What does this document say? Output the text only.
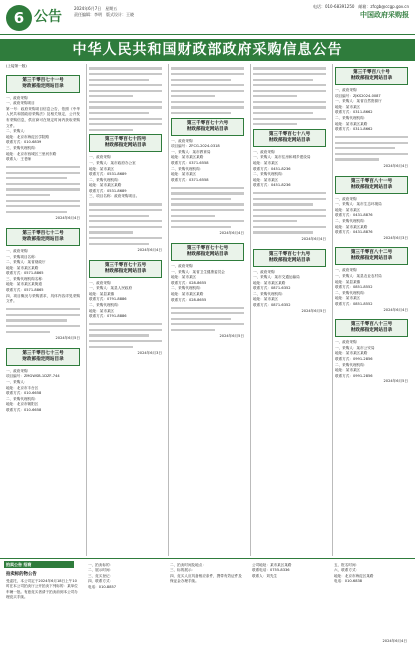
6 公告
2024年6月7日　星期五
责任编辑：李明　版式设计：王晓
电话：010-68391250　邮箱：zfcgb@ccgp.gov.cn
中国政府采购报
中华人民共和国财政部政府采购信息公告
(上接第一版)
第三千零百七十一号
财政部指定网站目录
一、政府采购
一、政府采购项目
第一号：政府采购项目信息公告，依照《中华人民共和国政府采购法》及相关规定，公开发布采购信息，供应商可在规定时间内获取采购文件。
二、采购人：
地址：北京市海淀区学院路
联系方式：010-6839
三、采购代理机构：
地址：北京市西城区三里河东路
联系人：王老师
2024年6月4日
第三千零百七十二号
财政部指定网站目录
一、政府采购
一、采购项目名称：
二、采购人：某省财政厅
地址：某市某区某路
联系方式：0571-8865
三、采购代理机构名称：
地址：某市某区某街道
联系方式：0571-8865
四、项目概况与采购需求，具体内容详见采购文件。
2024年6月5日
第三千零百七十三号
财政部指定网站目录
一、政府采购
项目编号：ZMGWSB-1DZF-744
一、采购人：
地址：北京市丰台区
联系方式：010-6658
二、采购代理机构：
地址：北京市朝阳区
联系方式：010-6658
第三千零百七十四号
财政部指定网站目录
一、政府采购
一、采购人：某市政府办公室
地址：某市某区
联系方式：0531-8689
二、采购代理机构：
地址：某市某区某路
联系方式：0531-8689
三、项目名称：政府采购项目。
2024年6月4日
第三千零百七十五号
财政部指定网站目录
一、政府采购
一、采购人：某县人民政府
地址：某县某镇
联系方式：0791-8886
二、采购代理机构：
地址：某市某区
联系方式：0791-8886
2024年6月3日
第三千零百七十六号
财政部指定网站目录
一、政府采购
项目编号：ZFCG-2024-0318
一、采购人：某市教育局
地址：某市某区某路
联系方式：0371-6558
二、采购代理机构：
地址：某市某区
联系方式：0371-6558
2024年6月4日
第三千零百七十七号
财政部指定网站目录
一、政府采购
一、采购人：某省卫生健康委员会
地址：某市某区
联系方式：028-8655
二、采购代理机构：
地址：某市某区某路
联系方式：028-8655
2024年6月5日
第三千零百七十八号
财政部指定网站目录
一、政府采购
一、采购人：某市住房和城乡建设局
地址：某市某区
联系方式：0451-8236
二、采购代理机构：
地址：某市某区
联系方式：0451-8236
2024年6月4日
第三千零百七十九号
财政部指定网站目录
一、政府采购
一、采购人：某市交通运输局
地址：某市某区某路
联系方式：0871-6352
二、采购代理机构：
地址：某市某区
联系方式：0871-6352
2024年6月5日
第三千零百八十号
财政部指定网站目录
一、政府采购
项目编号：ZJKS2024-0087
一、采购人：某省自然资源厅
地址：某市某区
联系方式：0311-8662
二、采购代理机构：
地址：某市某区某路
联系方式：0311-8662
2024年6月4日
第三千零百八十一号
财政部指定网站目录
一、政府采购
一、采购人：某市生态环境局
地址：某市某区
联系方式：0431-8876
二、采购代理机构：
地址：某市某区某路
联系方式：0431-8876
2024年6月3日
第三千零百八十二号
财政部指定网站目录
一、政府采购
一、采购人：某县农业农村局
地址：某县某镇
联系方式：0851-8552
二、采购代理机构：
地址：某市某区
联系方式：0851-8552
2024年6月4日
第三千零百八十三号
财政部指定网站目录
一、政府采购
一、采购人：某市公安局
地址：某市某区某路
联系方式：0991-2856
二、采购代理机构：
地址：某市某区
联系方式：0991-2856
2024年6月5日
拍卖公告 招商
拍卖标的物公告
受委托，本公司定于2024年6月18日上午10时在本公司拍卖厅公开拍卖下列标的：某单位车辆一批。有意竞买者请于拍卖前到本公司办理竞买手续。
一、拍卖标的：
二、展示时间：
三、竞买登记：
四、联系方式：
电话：010-8857
二、拍卖时间及地点：
三、标的展示：
四、竞买人应具备相应条件，携带有效证件及保证金办理手续。
公司地址：某市某区某路
联系电话：0755-8336
联系人：刘先生
五、报名时间：
六、联系方式：
地址：北京市海淀区某路
电话：010-6838
2024年6月4日
